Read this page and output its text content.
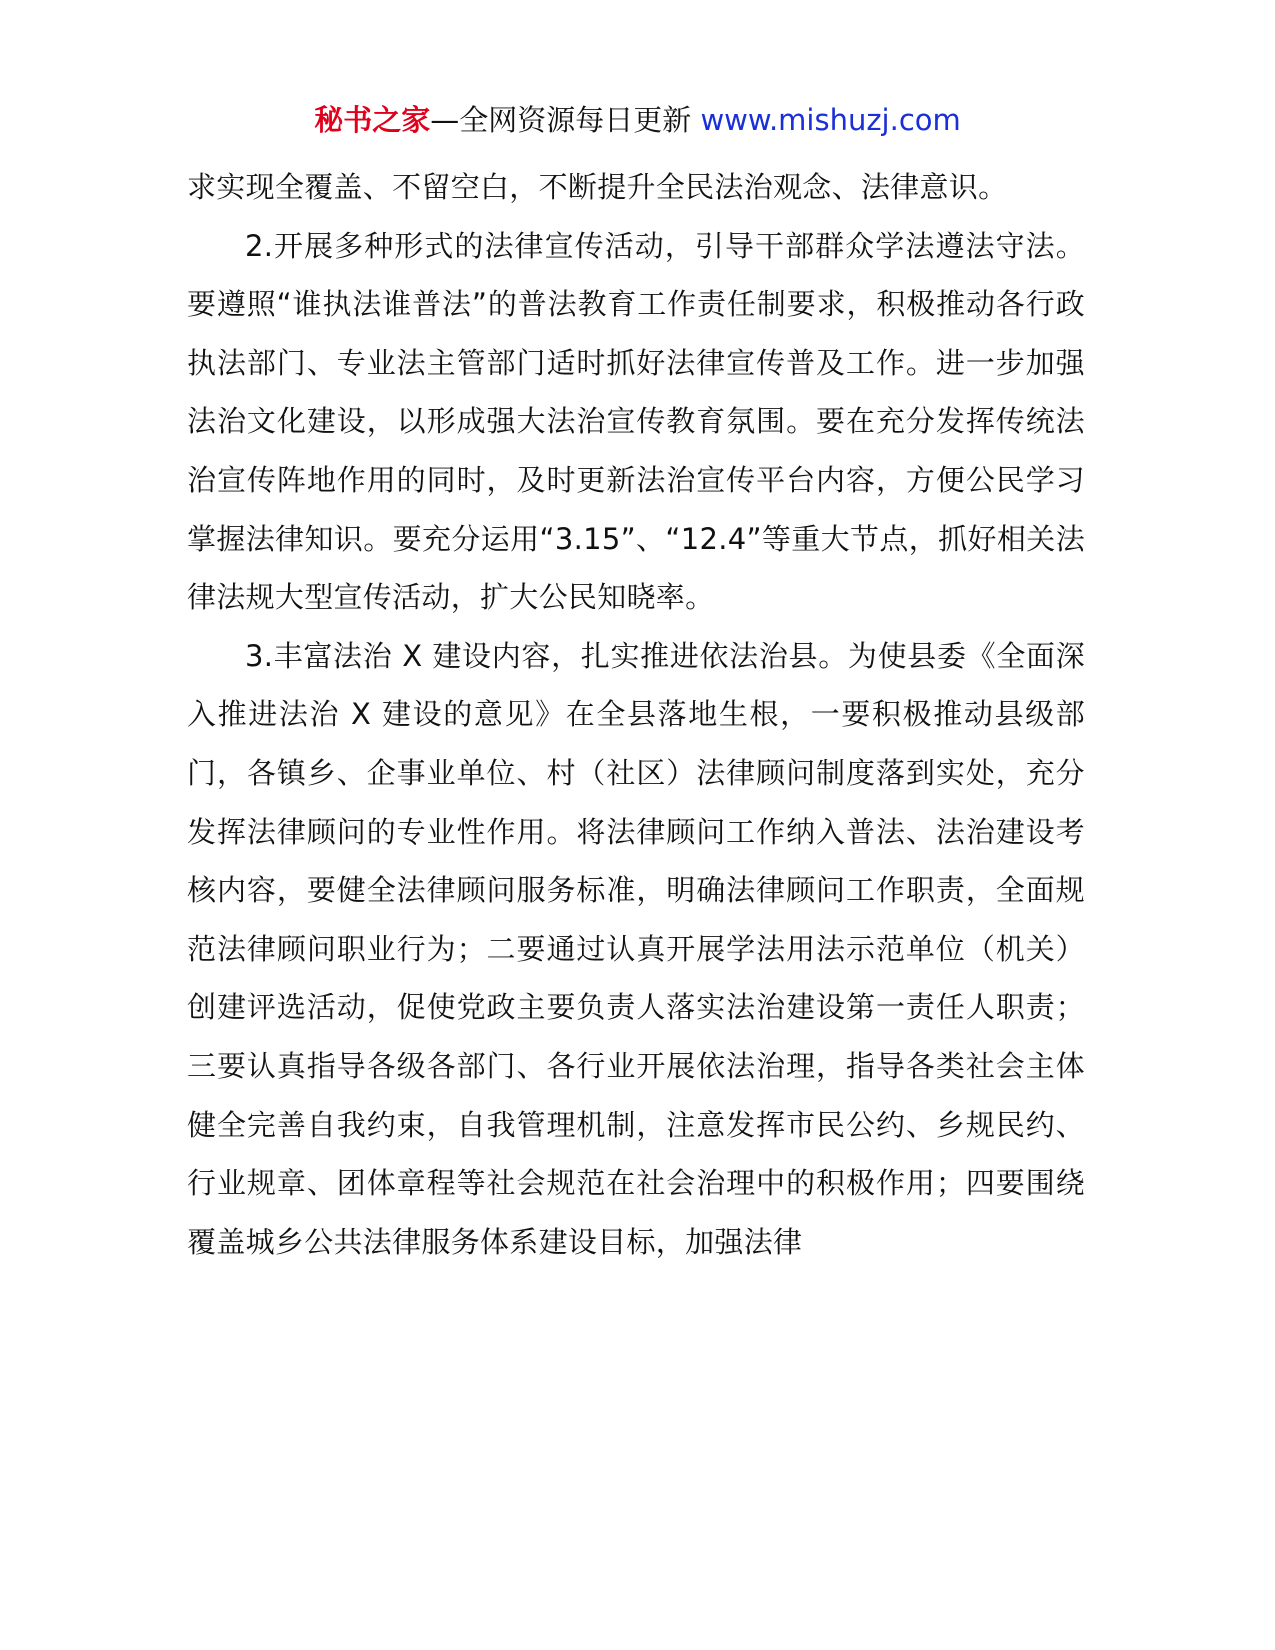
秘书之家—全网资源每日更新 www.mishuzj.com

求实现全覆盖、不留空白，不断提升全民法治观念、法律意识。

2.开展多种形式的法律宣传活动，引导干部群众学法遵法守法。要遵照“谁执法谁普法”的普法教育工作责任制要求，积极推动各行政执法部门、专业法主管部门适时抓好法律宣传普及工作。进一步加强法治文化建设，以形成强大法治宣传教育氛围。要在充分发挥传统法治宣传阵地作用的同时，及时更新法治宣传平台内容，方便公民学习掌握法律知识。要充分运用“3.15”、“12.4”等重大节点，抓好相关法律法规大型宣传活动，扩大公民知晓率。

3.丰富法治 X 建设内容，扎实推进依法治县。为使县委《全面深入推进法治 X 建设的意见》在全县落地生根，一要积极推动县级部门，各镇乡、企事业单位、村（社区）法律顾问制度落到实处，充分发挥法律顾问的专业性作用。将法律顾问工作纳入普法、法治建设考核内容，要健全法律顾问服务标准，明确法律顾问工作职责，全面规范法律顾问职业行为；二要通过认真开展学法用法示范单位（机关）创建评选活动，促使党政主要负责人落实法治建设第一责任人职责；三要认真指导各级各部门、各行业开展依法治理，指导各类社会主体健全完善自我约束，自我管理机制，注意发挥市民公约、乡规民约、行业规章、团体章程等社会规范在社会治理中的积极作用；四要围绕覆盖城乡公共法律服务体系建设目标，加强法律
